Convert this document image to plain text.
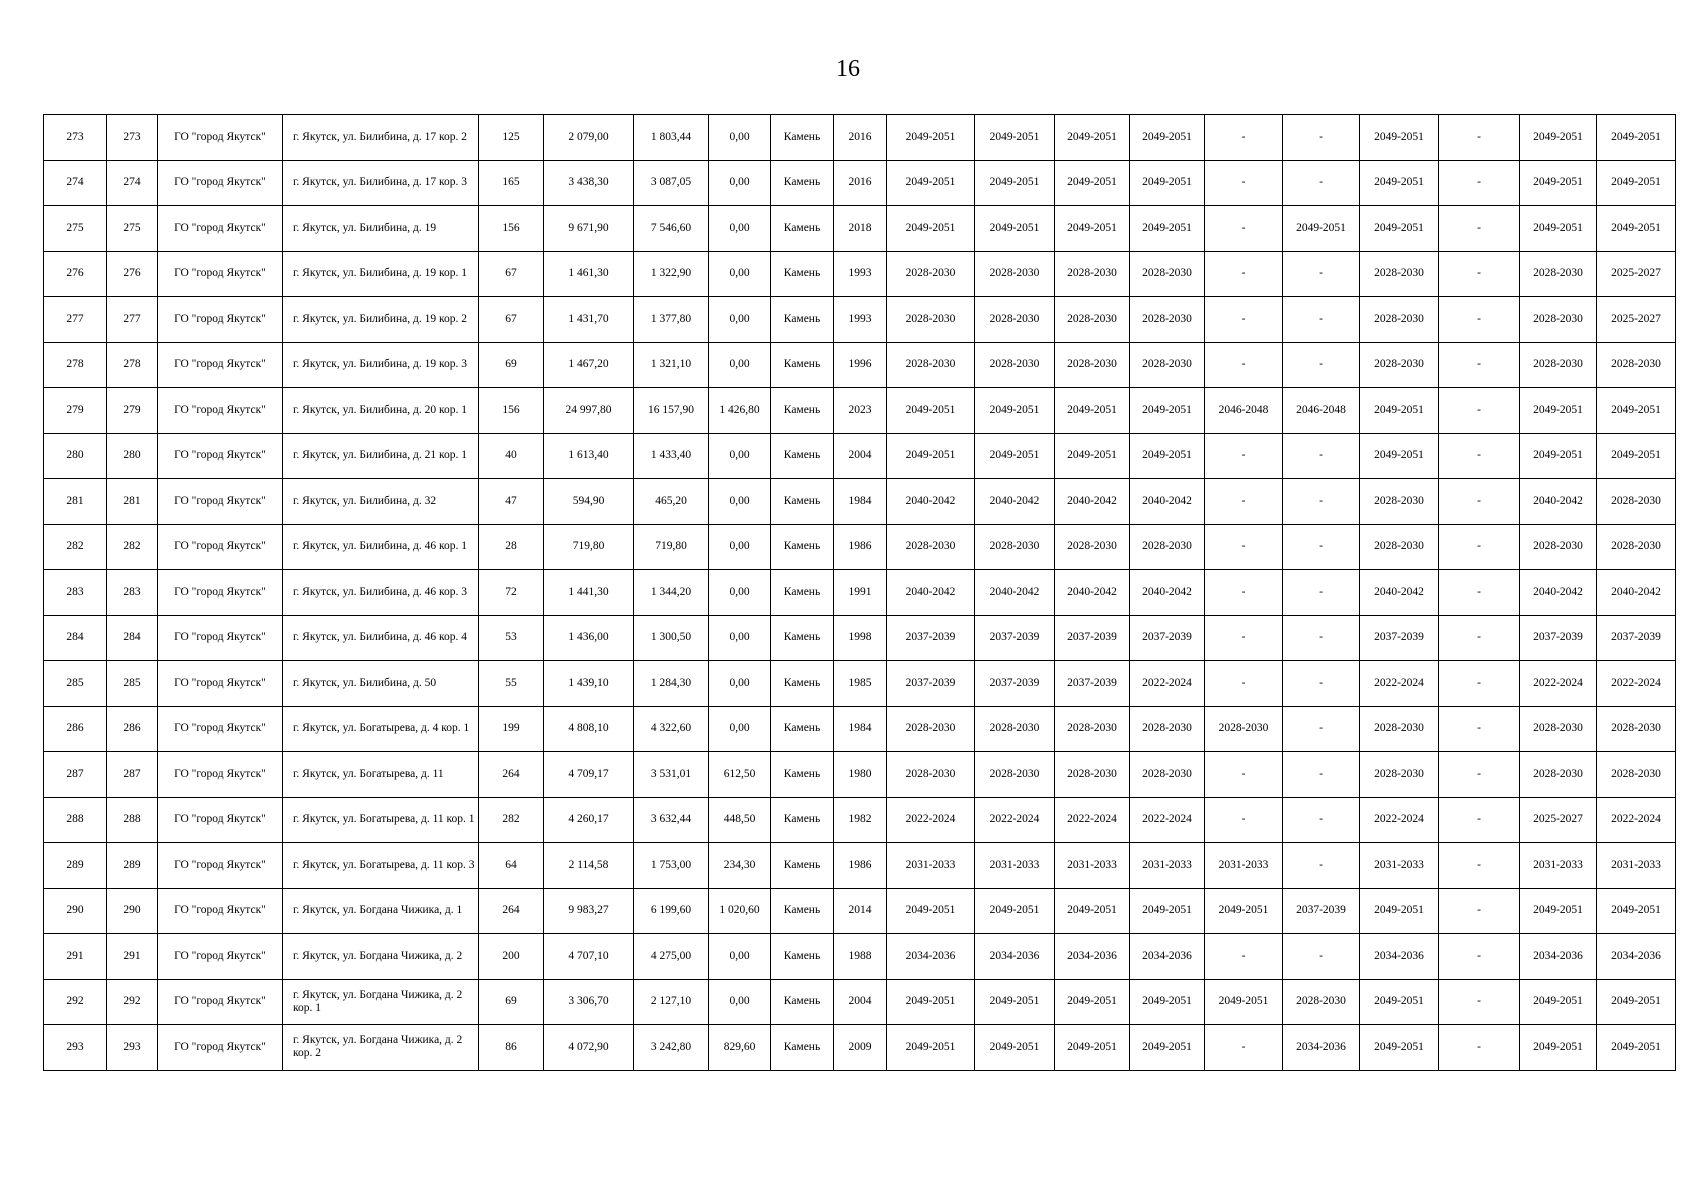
16
273	273	ГО "город Якутск"	г. Якутск, ул. Билибина, д. 17 кор. 2	125	2 079,00	1 803,44	0,00	Камень	2016	2049-2051	2049-2051	2049-2051	2049-2051	-	-	2049-2051	-	2049-2051	2049-2051
274	274	ГО "город Якутск"	г. Якутск, ул. Билибина, д. 17 кор. 3	165	3 438,30	3 087,05	0,00	Камень	2016	2049-2051	2049-2051	2049-2051	2049-2051	-	-	2049-2051	-	2049-2051	2049-2051
275	275	ГО "город Якутск"	г. Якутск, ул. Билибина, д. 19	156	9 671,90	7 546,60	0,00	Камень	2018	2049-2051	2049-2051	2049-2051	2049-2051	-	2049-2051	2049-2051	-	2049-2051	2049-2051
276	276	ГО "город Якутск"	г. Якутск, ул. Билибина, д. 19 кор. 1	67	1 461,30	1 322,90	0,00	Камень	1993	2028-2030	2028-2030	2028-2030	2028-2030	-	-	2028-2030	-	2028-2030	2025-2027
277	277	ГО "город Якутск"	г. Якутск, ул. Билибина, д. 19 кор. 2	67	1 431,70	1 377,80	0,00	Камень	1993	2028-2030	2028-2030	2028-2030	2028-2030	-	-	2028-2030	-	2028-2030	2025-2027
278	278	ГО "город Якутск"	г. Якутск, ул. Билибина, д. 19 кор. 3	69	1 467,20	1 321,10	0,00	Камень	1996	2028-2030	2028-2030	2028-2030	2028-2030	-	-	2028-2030	-	2028-2030	2028-2030
279	279	ГО "город Якутск"	г. Якутск, ул. Билибина, д. 20 кор. 1	156	24 997,80	16 157,90	1 426,80	Камень	2023	2049-2051	2049-2051	2049-2051	2049-2051	2046-2048	2046-2048	2049-2051	-	2049-2051	2049-2051
280	280	ГО "город Якутск"	г. Якутск, ул. Билибина, д. 21 кор. 1	40	1 613,40	1 433,40	0,00	Камень	2004	2049-2051	2049-2051	2049-2051	2049-2051	-	-	2049-2051	-	2049-2051	2049-2051
281	281	ГО "город Якутск"	г. Якутск, ул. Билибина, д. 32	47	594,90	465,20	0,00	Камень	1984	2040-2042	2040-2042	2040-2042	2040-2042	-	-	2028-2030	-	2040-2042	2028-2030
282	282	ГО "город Якутск"	г. Якутск, ул. Билибина, д. 46 кор. 1	28	719,80	719,80	0,00	Камень	1986	2028-2030	2028-2030	2028-2030	2028-2030	-	-	2028-2030	-	2028-2030	2028-2030
283	283	ГО "город Якутск"	г. Якутск, ул. Билибина, д. 46 кор. 3	72	1 441,30	1 344,20	0,00	Камень	1991	2040-2042	2040-2042	2040-2042	2040-2042	-	-	2040-2042	-	2040-2042	2040-2042
284	284	ГО "город Якутск"	г. Якутск, ул. Билибина, д. 46 кор. 4	53	1 436,00	1 300,50	0,00	Камень	1998	2037-2039	2037-2039	2037-2039	2037-2039	-	-	2037-2039	-	2037-2039	2037-2039
285	285	ГО "город Якутск"	г. Якутск, ул. Билибина, д. 50	55	1 439,10	1 284,30	0,00	Камень	1985	2037-2039	2037-2039	2037-2039	2022-2024	-	-	2022-2024	-	2022-2024	2022-2024
286	286	ГО "город Якутск"	г. Якутск, ул. Богатырева, д. 4 кор. 1	199	4 808,10	4 322,60	0,00	Камень	1984	2028-2030	2028-2030	2028-2030	2028-2030	2028-2030	-	2028-2030	-	2028-2030	2028-2030
287	287	ГО "город Якутск"	г. Якутск, ул. Богатырева, д. 11	264	4 709,17	3 531,01	612,50	Камень	1980	2028-2030	2028-2030	2028-2030	2028-2030	-	-	2028-2030	-	2028-2030	2028-2030
288	288	ГО "город Якутск"	г. Якутск, ул. Богатырева, д. 11 кор. 1	282	4 260,17	3 632,44	448,50	Камень	1982	2022-2024	2022-2024	2022-2024	2022-2024	-	-	2022-2024	-	2025-2027	2022-2024
289	289	ГО "город Якутск"	г. Якутск, ул. Богатырева, д. 11 кор. 3	64	2 114,58	1 753,00	234,30	Камень	1986	2031-2033	2031-2033	2031-2033	2031-2033	2031-2033	-	2031-2033	-	2031-2033	2031-2033
290	290	ГО "город Якутск"	г. Якутск, ул. Богдана Чижика, д. 1	264	9 983,27	6 199,60	1 020,60	Камень	2014	2049-2051	2049-2051	2049-2051	2049-2051	2049-2051	2037-2039	2049-2051	-	2049-2051	2049-2051
291	291	ГО "город Якутск"	г. Якутск, ул. Богдана Чижика, д. 2	200	4 707,10	4 275,00	0,00	Камень	1988	2034-2036	2034-2036	2034-2036	2034-2036	-	-	2034-2036	-	2034-2036	2034-2036
292	292	ГО "город Якутск"	г. Якутск, ул. Богдана Чижика, д. 2 кор. 1	69	3 306,70	2 127,10	0,00	Камень	2004	2049-2051	2049-2051	2049-2051	2049-2051	2049-2051	2028-2030	2049-2051	-	2049-2051	2049-2051
293	293	ГО "город Якутск"	г. Якутск, ул. Богдана Чижика, д. 2 кор. 2	86	4 072,90	3 242,80	829,60	Камень	2009	2049-2051	2049-2051	2049-2051	2049-2051	-	2034-2036	2049-2051	-	2049-2051	2049-2051
